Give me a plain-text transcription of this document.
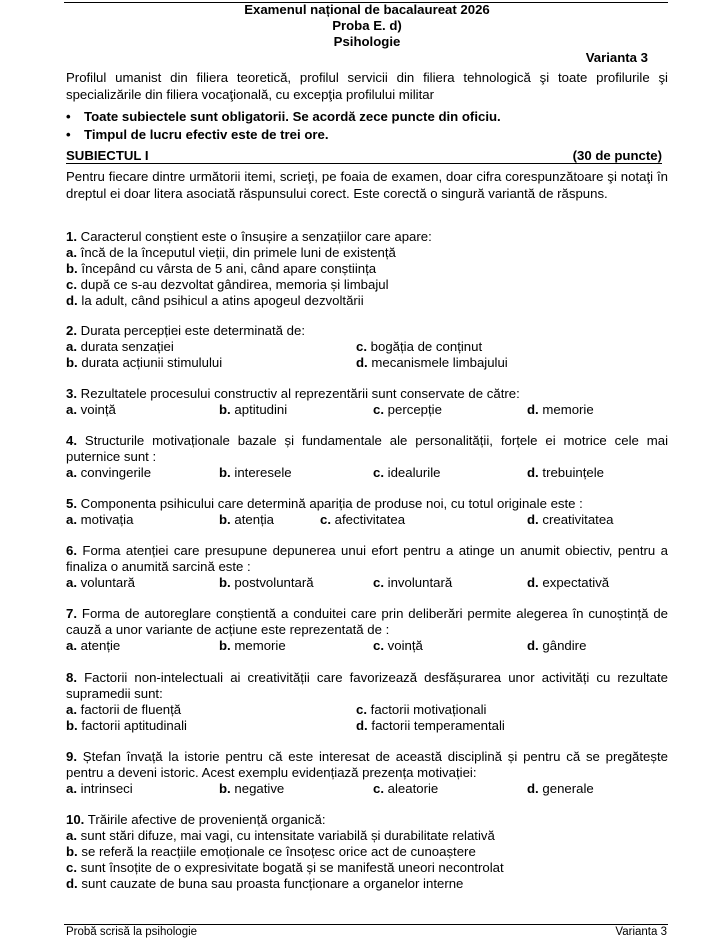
Examenul național de bacalaureat 2026
Proba E. d)
Psihologie
Varianta 3
Profilul umanist din filiera teoretică, profilul servicii din filiera tehnologică şi toate profilurile şi specializările din filiera vocaţională, cu excepţia profilului militar
• Toate subiectele sunt obligatorii. Se acordă zece puncte din oficiu.
• Timpul de lucru efectiv este de trei ore.
SUBIECTUL I	(30 de puncte)
Pentru fiecare dintre următorii itemi, scrieţi, pe foaia de examen, doar cifra corespunzătoare şi notaţi în dreptul ei doar litera asociată răspunsului corect. Este corectă o singură variantă de răspuns.
1. Caracterul conștient este o însușire a senzațiilor care apare:
a. încă de la începutul vieții, din primele luni de existență
b. începând cu vârsta de 5 ani, când apare conștiința
c. după ce s-au dezvoltat gândirea, memoria și limbajul
d. la adult, când psihicul a atins apogeul dezvoltării
2. Durata percepției este determinată de:
a. durata senzației	c. bogăția de conținut
b. durata acțiunii stimulului	d. mecanismele limbajului
3. Rezultatele procesului constructiv al reprezentării sunt conservate de către:
a. voință	b. aptitudini	c. percepție	d. memorie
4. Structurile motivaționale bazale și fundamentale ale personalității, forțele ei motrice cele mai puternice sunt :
a. convingerile	b. interesele	c. idealurile	d. trebuințele
5. Componenta psihicului care determină apariția de produse noi, cu totul originale este :
a. motivația	b. atenția	c. afectivitatea	d. creativitatea
6. Forma atenției care presupune depunerea unui efort pentru a atinge un anumit obiectiv, pentru a finaliza o anumită sarcină este :
a. voluntară	b. postvoluntară	c. involuntară	d. expectativă
7. Forma de autoreglare conștientă a conduitei care prin deliberări permite alegerea în cunoștință de cauză a unor variante de acțiune este reprezentată de :
a. atenție	b. memorie	c. voință	d. gândire
8. Factorii non-intelectuali ai creativității care favorizează desfășurarea unor activități cu rezultate supramedii sunt:
a. factorii de fluență	c. factorii motivaționali
b. factorii aptitudinali	d. factorii temperamentali
9. Ștefan învață la istorie pentru că este interesat de această disciplină și pentru că se pregătește pentru a deveni istoric. Acest exemplu evidențiază prezența motivației:
a. intrinseci	b. negative	c. aleatorie	d. generale
10. Trăirile afective de proveniență organică:
a. sunt stări difuze, mai vagi, cu intensitate variabilă și durabilitate relativă
b. se referă la reacțiile emoționale ce însoțesc orice act de cunoaștere
c. sunt însoțite de o expresivitate bogată și se manifestă uneori necontrolat
d. sunt cauzate de buna sau proasta funcționare a organelor interne
Probă scrisă la psihologie	Varianta 3
